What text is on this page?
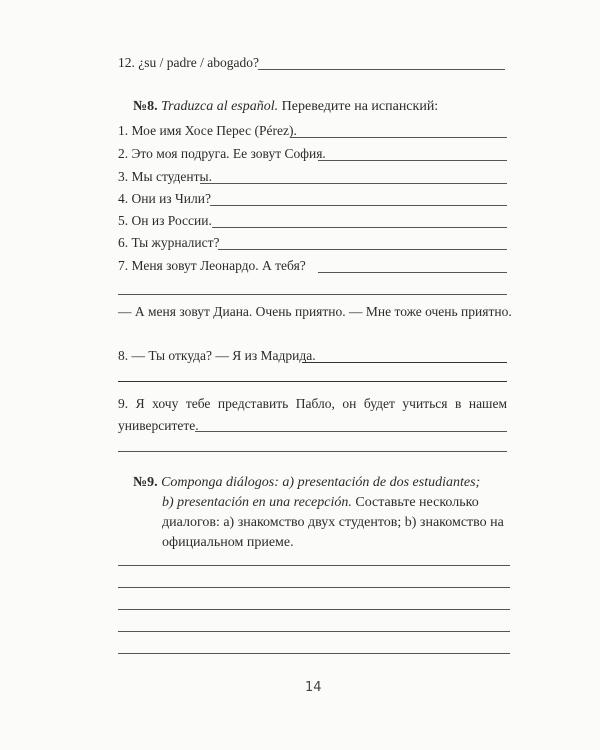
12. ¿su / padre / abogado?
№8. Traduzca al español. Переведите на испанский:
1. Мое имя Хосе Перес (Pérez).
2. Это моя подруга. Ее зовут София.
3. Мы студенты.
4. Они из Чили?
5. Он из России.
6. Ты журналист?
7. Меня зовут Леонардо. А тебя?
— А меня зовут Диана. Очень приятно. — Мне тоже очень приятно.
8. — Ты откуда? — Я из Мадрида.
9. Я хочу тебе представить Пабло, он будет учиться в нашем
университете.
№9. Componga diálogos: a) presentación de dos estudiantes;
b) presentación en una recepción. Составьте несколько
диалогов: а) знакомство двух студентов; b) знакомство на
официальном приеме.
14
